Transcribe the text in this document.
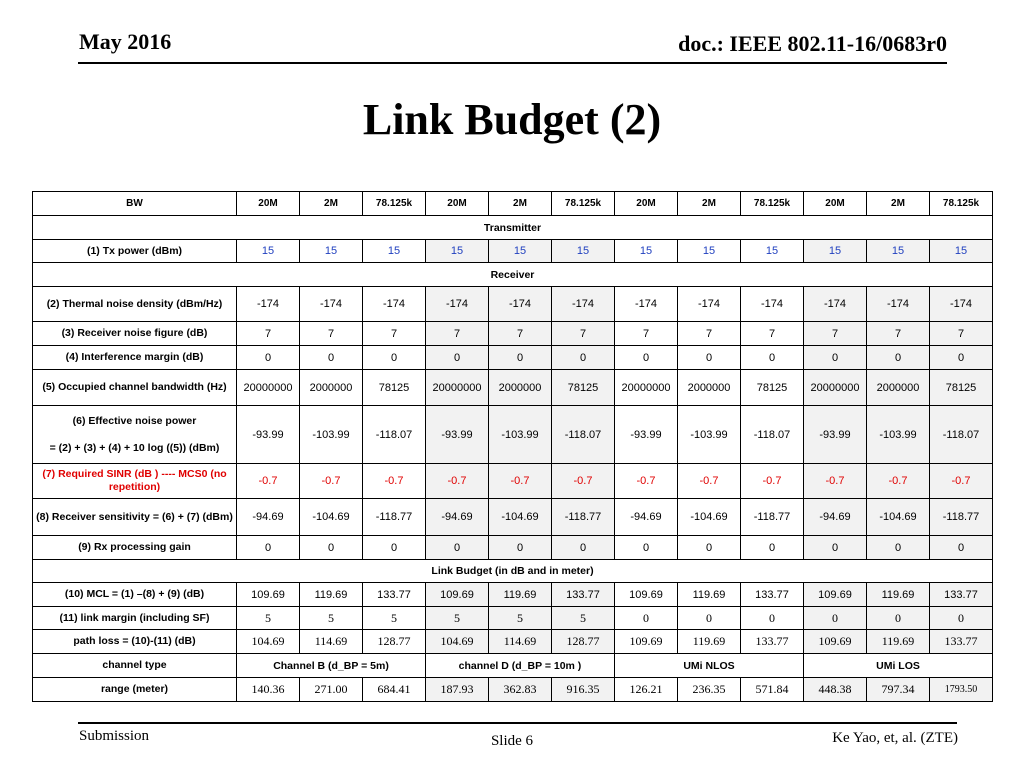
May 2016	doc.: IEEE 802.11-16/0683r0
Link Budget (2)
BW	20M	2M	78.125k	20M	2M	78.125k	20M	2M	78.125k	20M	2M	78.125k
Transmitter												
(1) Tx power (dBm)	15	15	15	15	15	15	15	15	15	15	15	15
Receiver												
(2) Thermal noise density (dBm/Hz)	-174	-174	-174	-174	-174	-174	-174	-174	-174	-174	-174	-174
(3) Receiver noise figure (dB)	7	7	7	7	7	7	7	7	7	7	7	7
(4) Interference margin (dB)	0	0	0	0	0	0	0	0	0	0	0	0
(5) Occupied channel bandwidth (Hz)	20000000	2000000	78125	20000000	2000000	78125	20000000	2000000	78125	20000000	2000000	78125

(6) Effective noise power
= (2) + (3) + (4) + 10 log ((5)) (dBm)	-93.99	-103.99	-118.07	-93.99	-103.99	-118.07	-93.99	-103.99	-118.07	-93.99	-103.99	-118.07
(7) Required SINR (dB ) ---- MCS0 (no repetition)	-0.7	-0.7	-0.7	-0.7	-0.7	-0.7	-0.7	-0.7	-0.7	-0.7	-0.7	-0.7
(8) Receiver sensitivity = (6) + (7) (dBm)	-94.69	-104.69	-118.77	-94.69	-104.69	-118.77	-94.69	-104.69	-118.77	-94.69	-104.69	-118.77
(9) Rx processing gain	0	0	0	0	0	0	0	0	0	0	0	0
Link Budget (in dB and in meter)												
(10) MCL = (1) –(8) + (9) (dB)	109.69	119.69	133.77	109.69	119.69	133.77	109.69	119.69	133.77	109.69	119.69	133.77
(11) link margin (including SF)	5	5	5	5	5	5	0	0	0	0	0	0
path loss = (10)-(11) (dB)	104.69	114.69	128.77	104.69	114.69	128.77	109.69	119.69	133.77	109.69	119.69	133.77
channel type	Channel B (d_BP = 5m)			channel D (d_BP = 10m )			UMi NLOS			UMi LOS		
range (meter)	140.36	271.00	684.41	187.93	362.83	916.35	126.21	236.35	571.84	448.38	797.34	1793.50
Submission	Slide 6	Ke Yao, et, al. (ZTE)
